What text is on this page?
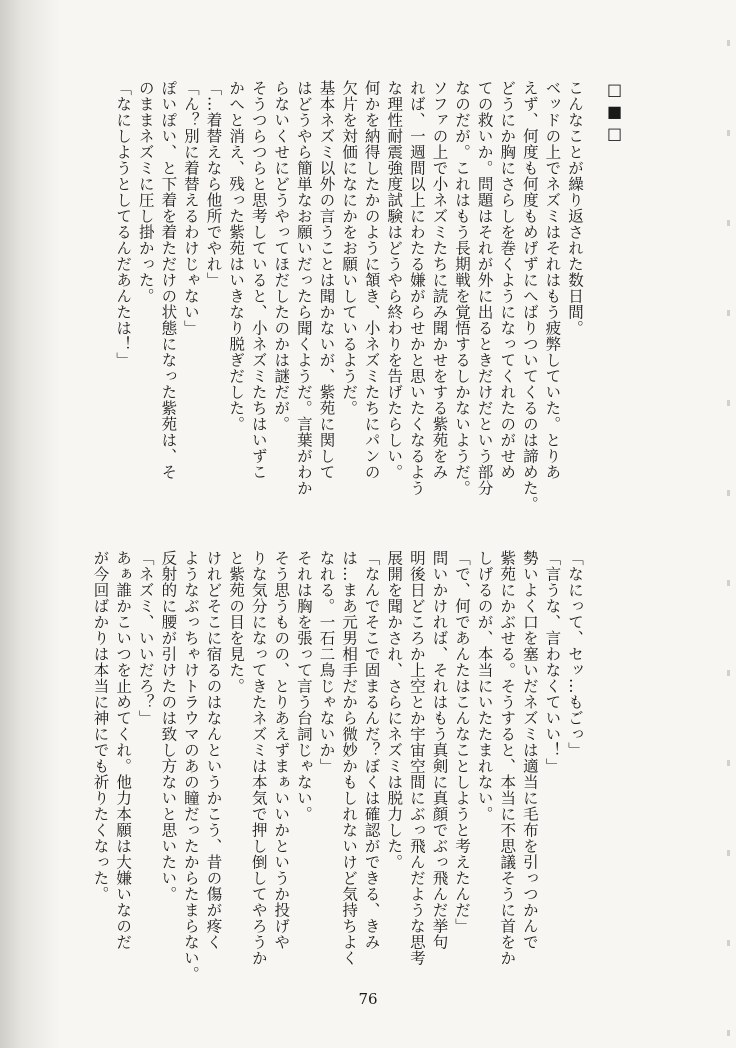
□■□

こんなことが繰り返された数日間。

ベッドの上でネズミはそれはもう疲弊していた。とりあ

えず、何度も何度もめげずにへばりついてくるのは諦めた。

どうにか胸にさらしを巻くようになってくれたのがせめ

ての救いか。問題はそれが外に出るときだけだという部分

なのだが。これはもう長期戦を覚悟するしかないようだ。

ソファの上で小ネズミたちに読み聞かせをする紫苑をみ

れば、一週間以上にわたる嫌がらせかと思いたくなるよう

な理性耐震強度試験はどうやら終わりを告げたらしい。

何かを納得したかのように頷き、小ネズミたちにパンの

欠片を対価になにかをお願いしているようだ。

基本ネズミ以外の言うことは聞かないが、紫苑に関して

はどうやら簡単なお願いだったら聞くようだ。言葉がわか

らないくせにどうやってほだしたのかは謎だが。

そうつらつらと思考していると、小ネズミたちはいずこ

かへと消え、残った紫苑はいきなり脱ぎだした。

「…着替えなら他所でやれ」

「ん？別に着替えるわけじゃない」

ぽいぽい、と下着を着ただけの状態になった紫苑は、そ

のままネズミに圧し掛かった。

「なにしようとしてるんだあんたは！」

「なにって、セッ…もごっ」

「言うな、言わなくていい！」

勢いよく口を塞いだネズミは適当に毛布を引っつかんで

紫苑にかぶせる。そうすると、本当に不思議そうに首をか

しげるのが、本当にいたたまれない。

「で、何であんたはこんなことしようと考えたんだ」

問いかければ、それはもう真剣に真顔でぶっ飛んだ挙句

明後日どころか上空とか宇宙空間にぶっ飛んだような思考

展開を聞かされ、さらにネズミは脱力した。

「なんでそこで固まるんだ？ぼくは確認ができる、きみ

は…まあ元男相手だから微妙かもしれないけど気持ちよく

なれる。一石二鳥じゃないか」

それは胸を張って言う台詞じゃない。

そう思うものの、とりあえずまぁいいかというか投げや

りな気分になってきたネズミは本気で押し倒してやろうか

と紫苑の目を見た。

けれどそこに宿るのはなんというかこう、昔の傷が疼く

ようなぶっちゃけトラウマのあの瞳だったからたまらない。

反射的に腰が引けたのは致し方ないと思いたい。

「ネズミ、いいだろ？」

あぁ誰かこいつを止めてくれ。他力本願は大嫌いなのだ

が今回ばかりは本当に神にでも祈りたくなった。

76
